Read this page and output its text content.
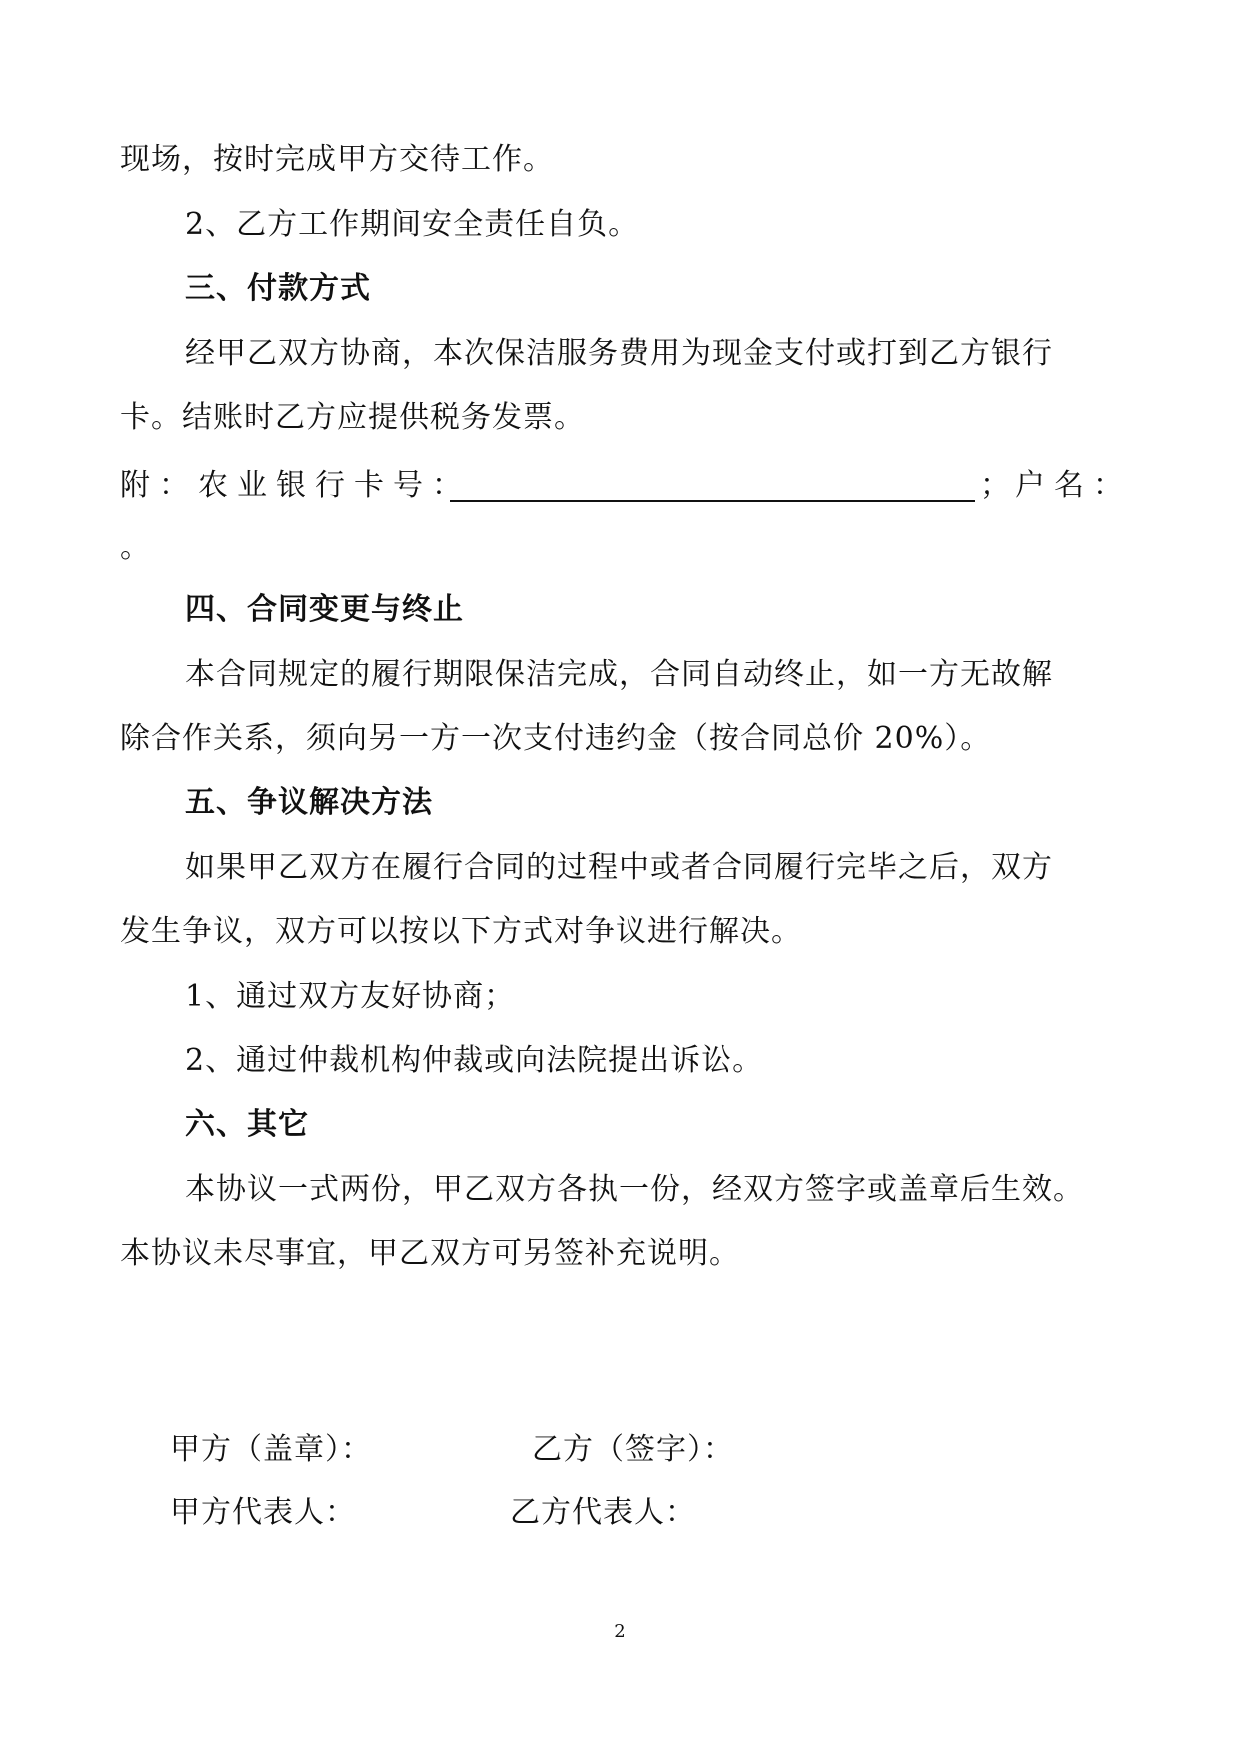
现场，按时完成甲方交待工作。
2、乙方工作期间安全责任自负。
三、付款方式
经甲乙双方协商，本次保洁服务费用为现金支付或打到乙方银行
卡。结账时乙方应提供税务发票。
附：农业银行卡号：	； 户名：
。
四、合同变更与终止
本合同规定的履行期限保洁完成，合同自动终止，如一方无故解
除合作关系，须向另一方一次支付违约金（按合同总价 20%）。
五、争议解决方法
如果甲乙双方在履行合同的过程中或者合同履行完毕之后，双方
发生争议，双方可以按以下方式对争议进行解决。
1、通过双方友好协商；
2、通过仲裁机构仲裁或向法院提出诉讼。
六、其它
本协议一式两份，甲乙双方各执一份，经双方签字或盖章后生效。
本协议未尽事宜，甲乙双方可另签补充说明。
甲方（盖章）：	乙方（签字）：
甲方代表人：	乙方代表人：
2
